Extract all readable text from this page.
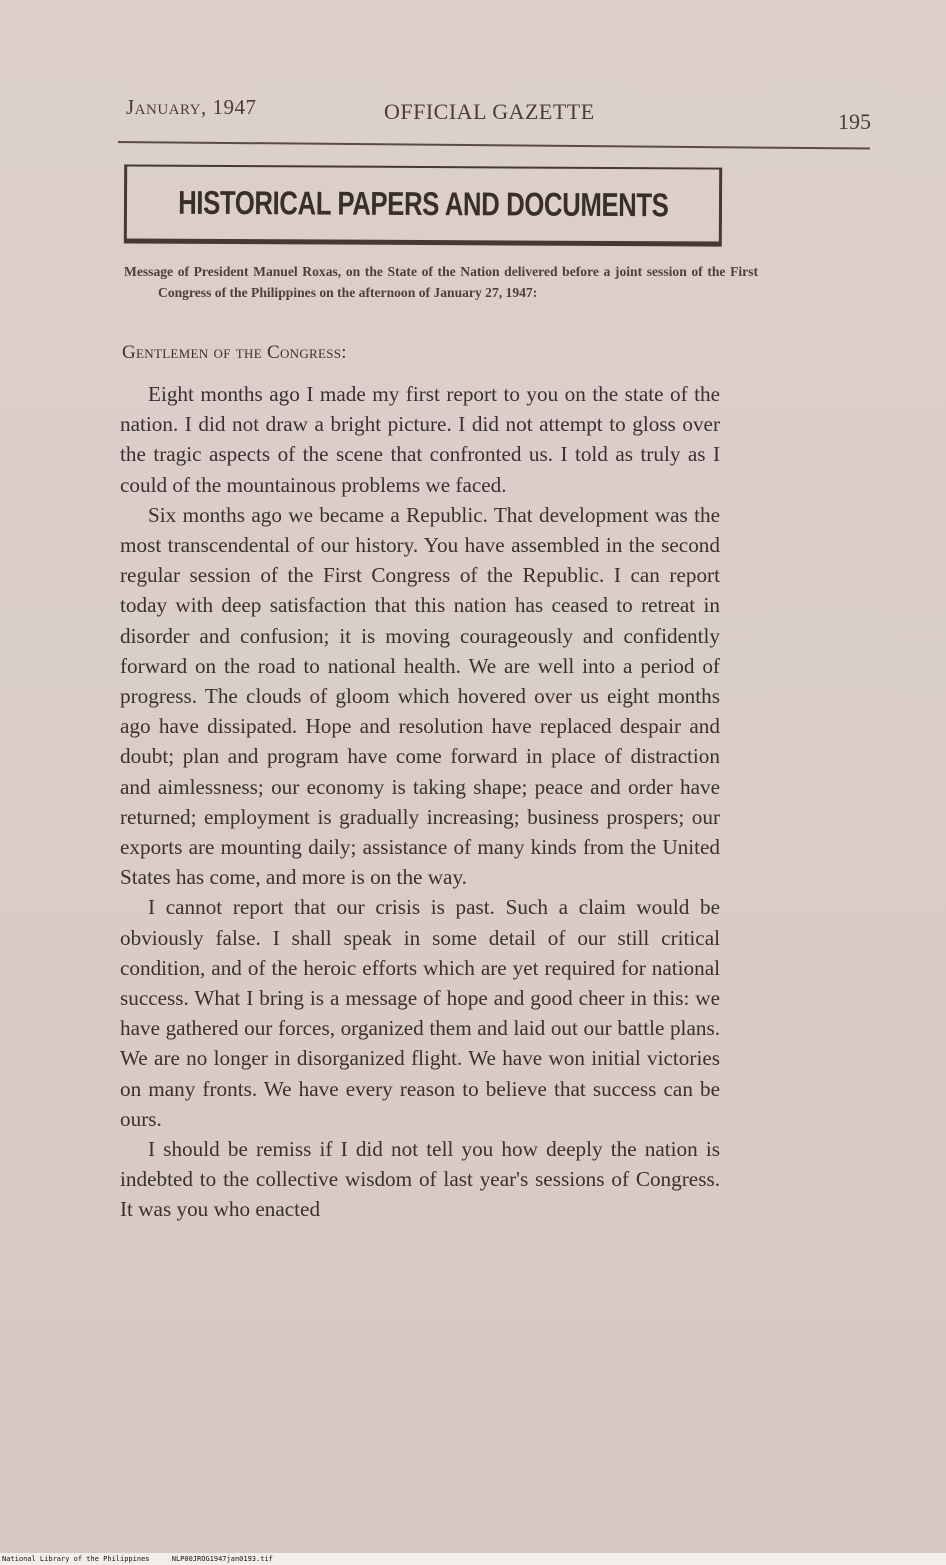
January, 1947	OFFICIAL GAZETTE	195
HISTORICAL PAPERS AND DOCUMENTS
Message of President Manuel Roxas, on the State of the Nation delivered before a joint session of the First Congress of the Philippines on the afternoon of January 27, 1947:
Gentlemen of the Congress:

Eight months ago I made my first report to you on the state of the nation. I did not draw a bright picture. I did not attempt to gloss over the tragic aspects of the scene that confronted us. I told as truly as I could of the mountainous problems we faced.

Six months ago we became a Republic. That development was the most transcendental of our history. You have assembled in the second regular session of the First Congress of the Republic. I can report today with deep satisfaction that this nation has ceased to retreat in disorder and confusion; it is moving courageously and confidently forward on the road to national health. We are well into a period of progress. The clouds of gloom which hovered over us eight months ago have dissipated. Hope and resolution have replaced despair and doubt; plan and program have come forward in place of distraction and aimlessness; our economy is taking shape; peace and order have returned; employment is gradually increasing; business prospers; our exports are mounting daily; assistance of many kinds from the United States has come, and more is on the way.

I cannot report that our crisis is past. Such a claim would be obviously false. I shall speak in some detail of our still critical condition, and of the heroic efforts which are yet required for national success. What I bring is a message of hope and good cheer in this: we have gathered our forces, organized them and laid out our battle plans. We are no longer in disorganized flight. We have won initial victories on many fronts. We have every reason to believe that success can be ours.

I should be remiss if I did not tell you how deeply the nation is indebted to the collective wisdom of last year's sessions of Congress. It was you who enacted

National Library of the Philippines	NLP00JROG1947jan0193.tif
